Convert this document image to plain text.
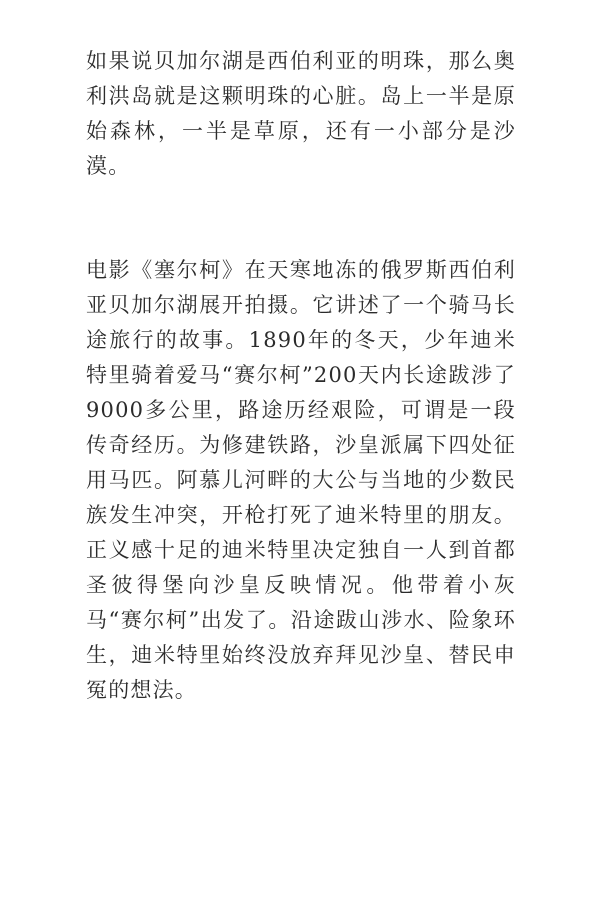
如果说贝加尔湖是西伯利亚的明珠，那么奥利洪岛就是这颗明珠的心脏。岛上一半是原始森林，一半是草原，还有一小部分是沙漠。

电影《塞尔柯》在天寒地冻的俄罗斯西伯利亚贝加尔湖展开拍摄。它讲述了一个骑马长途旅行的故事。1890年的冬天，少年迪米特里骑着爱马“赛尔柯”200天内长途跋涉了9000多公里，路途历经艰险，可谓是一段传奇经历。为修建铁路，沙皇派属下四处征用马匹。阿慕儿河畔的大公与当地的少数民族发生冲突，开枪打死了迪米特里的朋友。正义感十足的迪米特里决定独自一人到首都圣彼得堡向沙皇反映情况。他带着小灰马“赛尔柯”出发了。沿途跋山涉水、险象环生，迪米特里始终没放弃拜见沙皇、替民申冤的想法。
